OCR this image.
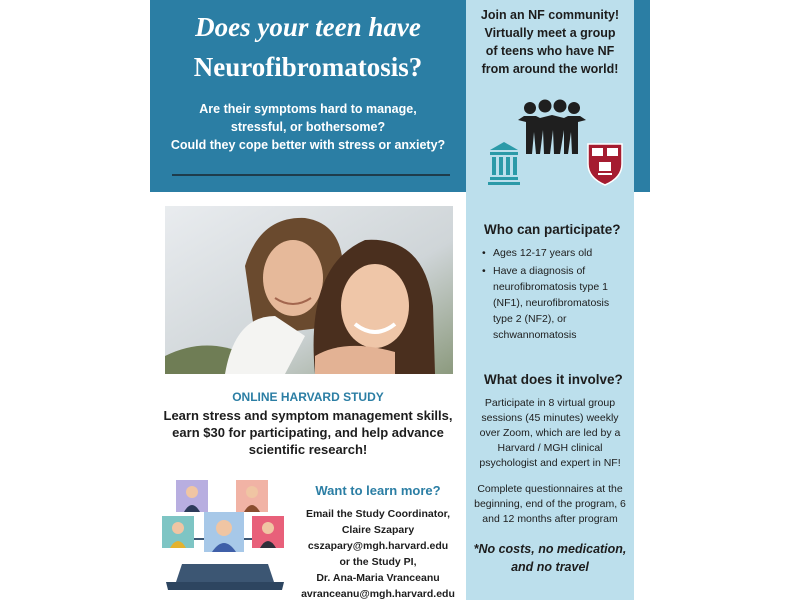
Does your teen have
Neurofibromatosis?
Are their symptoms hard to manage,
stressful, or bothersome?
Could they cope better with stress or anxiety?
Join an NF community!
Virtually meet a group
of teens who have NF
from around the world!
Who can participate?
• Ages 12-17 years old
• Have a diagnosis of neurofibromatosis type 1 (NF1), neurofibromatosis type 2 (NF2), or schwannomatosis
What does it involve?
Participate in 8 virtual group sessions (45 minutes) weekly over Zoom, which are led by a Harvard / MGH clinical psychologist and expert in NF!
Complete questionnaires at the beginning, end of the program, 6 and 12 months after program
*No costs, no medication, and no travel
ONLINE HARVARD STUDY
Learn stress and symptom management skills, earn $30 for participating, and help advance scientific research!
Want to learn more?
Email the Study Coordinator,
Claire Szapary
cszapary@mgh.harvard.edu
or the Study PI,
Dr. Ana-Maria Vranceanu
avranceanu@mgh.harvard.edu
